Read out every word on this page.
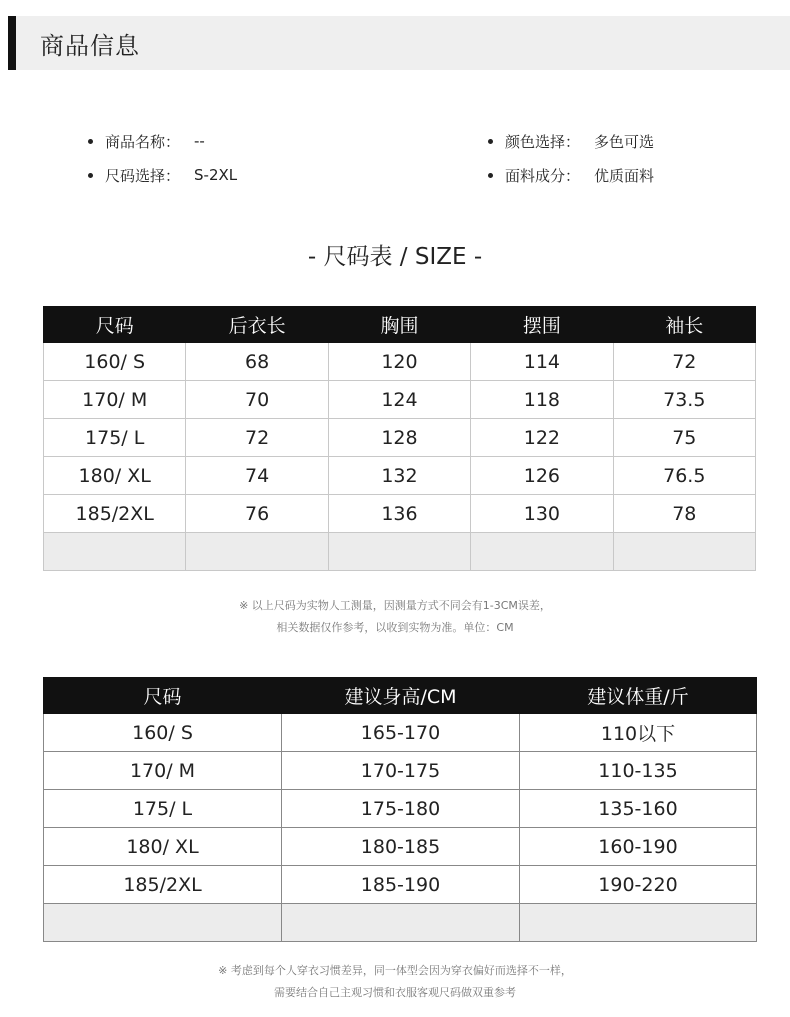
商品信息
商品名称： --	颜色选择： 多色可选
尺码选择： S-2XL	面料成分： 优质面料
- 尺码表 / SIZE -
尺码	后衣长	胸围	摆围	袖长
160/ S	68	120	114	72
170/ M	70	124	118	73.5
175/ L	72	128	122	75
180/ XL	74	132	126	76.5
185/2XL	76	136	130	78

※ 以上尺码为实物人工测量，因测量方式不同会有1-3CM误差，
相关数据仅作参考，以收到实物为准。单位：CM
尺码	建议身高/CM	建议体重/斤
160/ S	165-170	110以下
170/ M	170-175	110-135
175/ L	175-180	135-160
180/ XL	180-185	160-190
185/2XL	185-190	190-220

※ 考虑到每个人穿衣习惯差异，同一体型会因为穿衣偏好而选择不一样，
需要结合自己主观习惯和衣服客观尺码做双重参考
